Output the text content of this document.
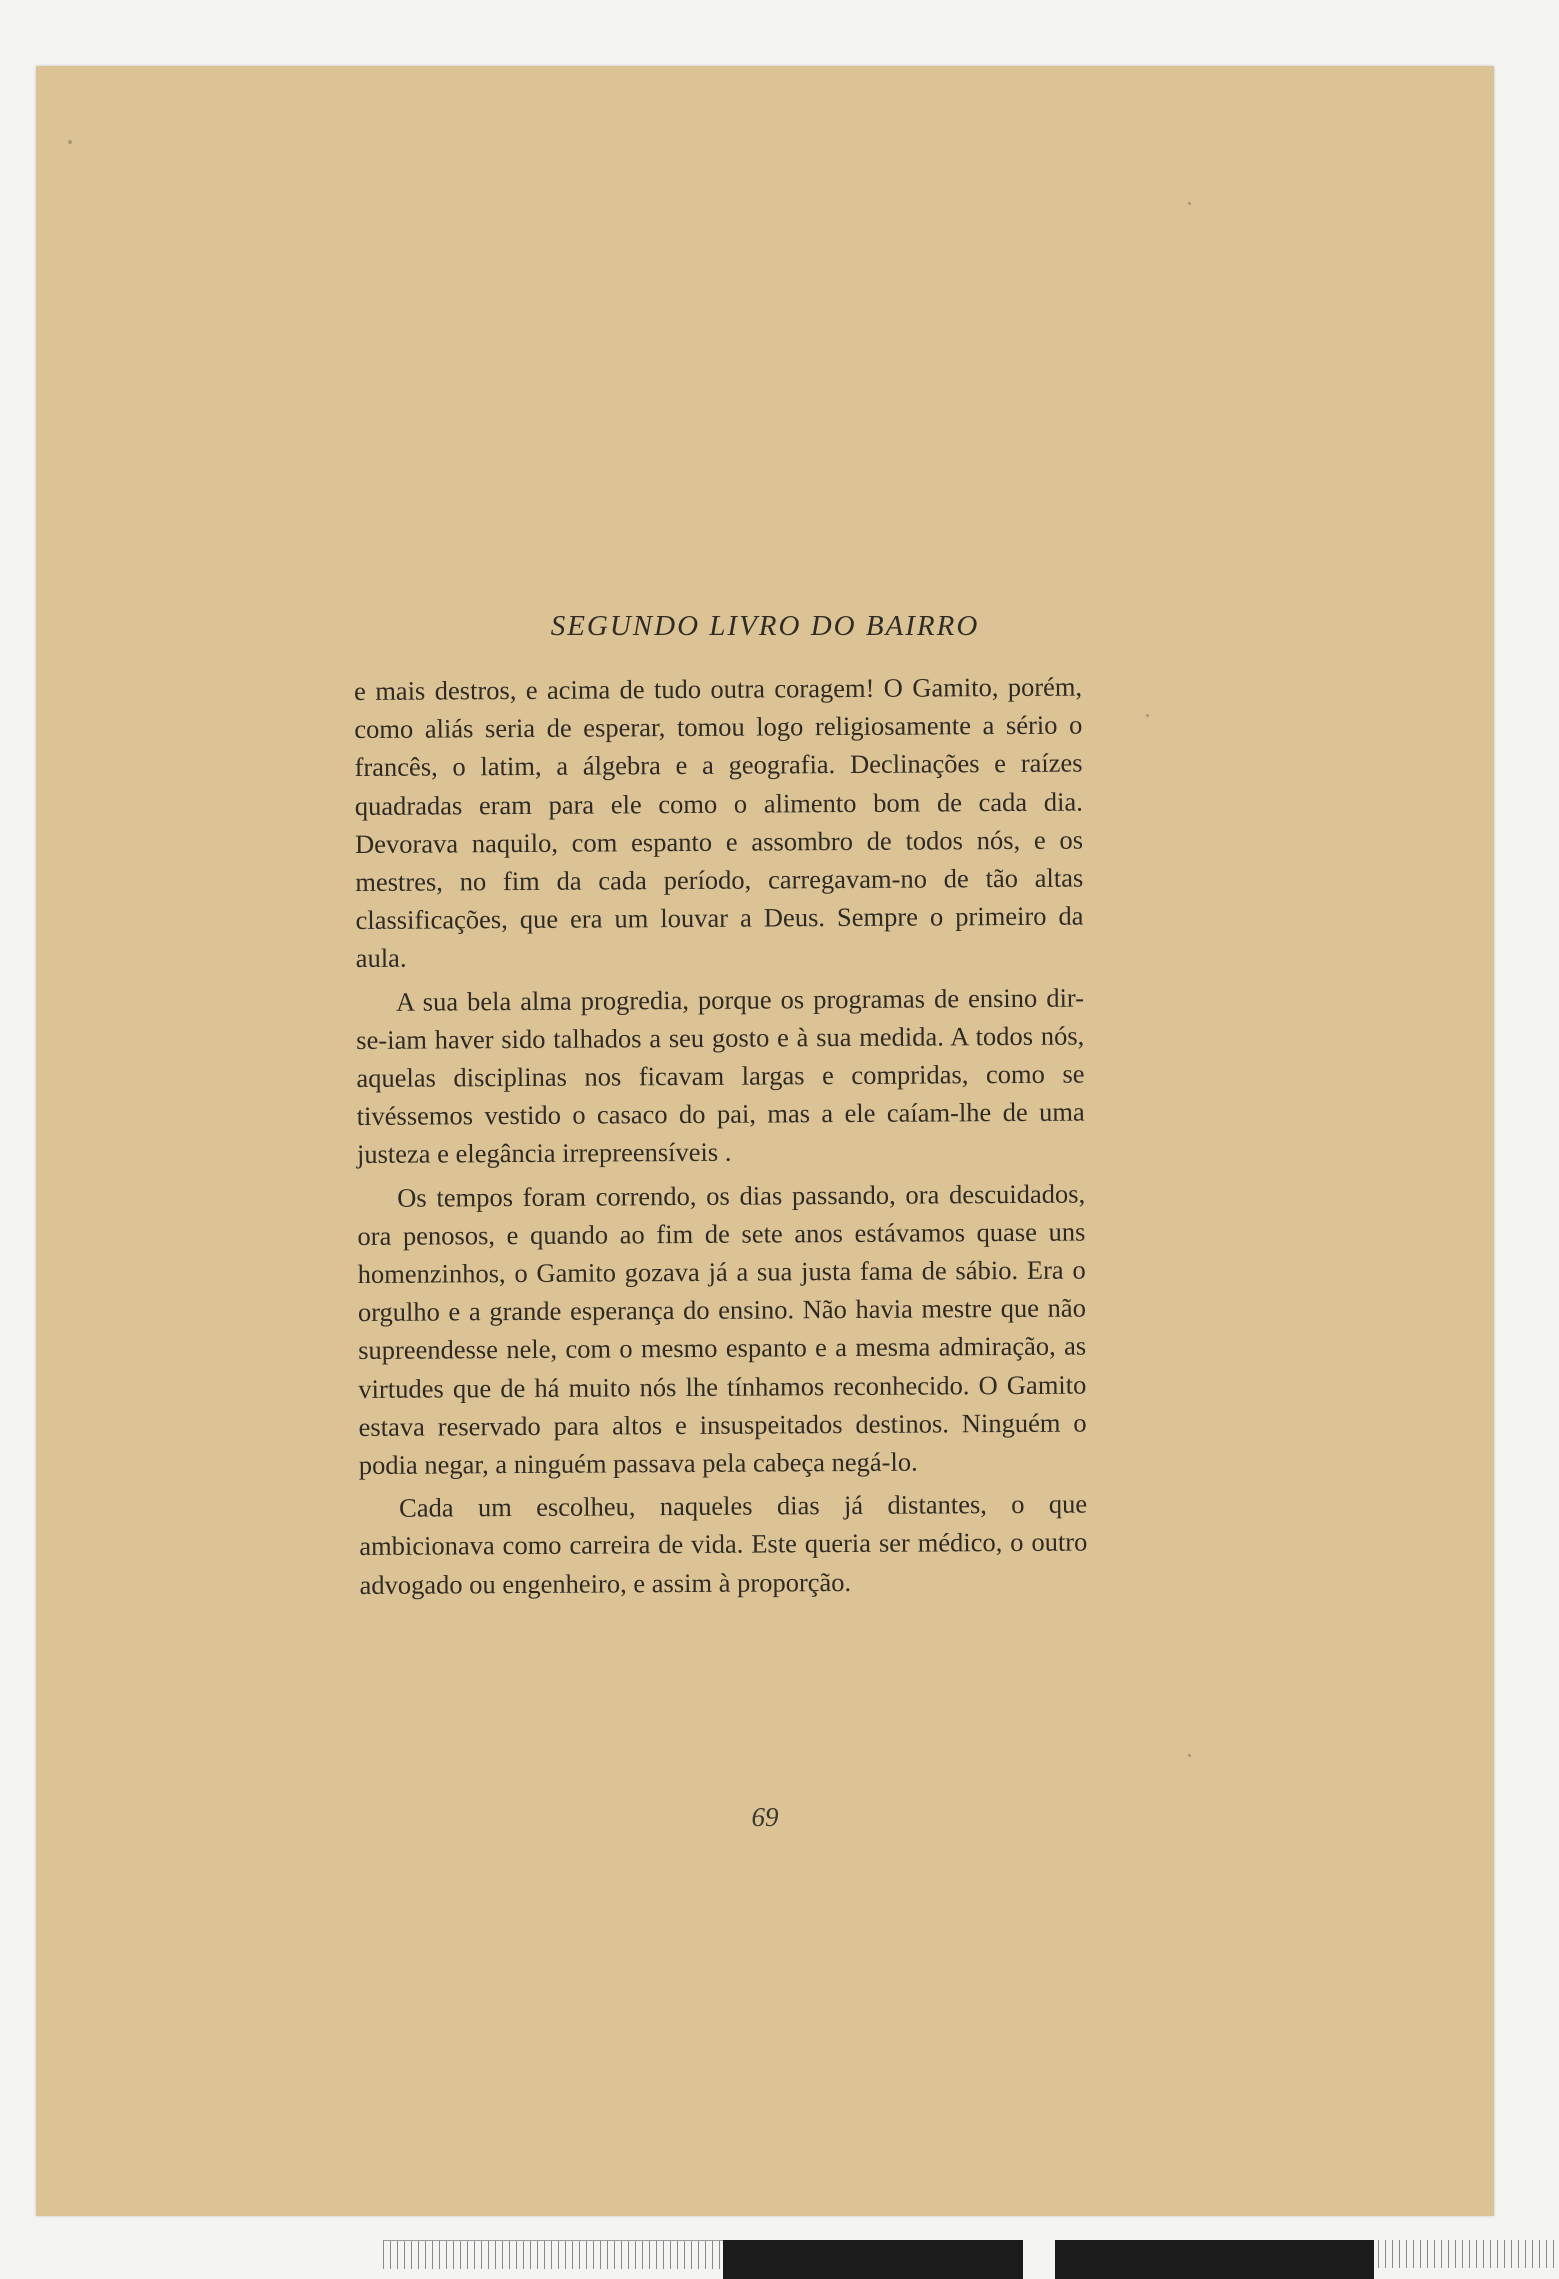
SEGUNDO LIVRO DO BAIRRO

e mais destros, e acima de tudo outra coragem! O Gamito, porém, como aliás seria de esperar, tomou logo religiosamente a sério o francês, o latim, a álgebra e a geografia. Declinações e raízes quadradas eram para ele como o alimento bom de cada dia. Devorava naquilo, com espanto e assombro de todos nós, e os mestres, no fim da cada período, carregavam-no de tão altas classificações, que era um louvar a Deus. Sempre o primeiro da aula.

A sua bela alma progredia, porque os programas de ensino dir-se-iam haver sido talhados a seu gosto e à sua medida. A todos nós, aquelas disciplinas nos ficavam largas e compridas, como se tivéssemos vestido o casaco do pai, mas a ele caíam-lhe de uma justeza e elegância irrepreensíveis .

Os tempos foram correndo, os dias passando, ora descuidados, ora penosos, e quando ao fim de sete anos estávamos quase uns homenzinhos, o Gamito gozava já a sua justa fama de sábio. Era o orgulho e a grande esperança do ensino. Não havia mestre que não supreendesse nele, com o mesmo espanto e a mesma admiração, as virtudes que de há muito nós lhe tínhamos reconhecido. O Gamito estava reservado para altos e insuspeitados destinos. Ninguém o podia negar, a ninguém passava pela cabeça negá-lo.

Cada um escolheu, naqueles dias já distantes, o que ambicionava como carreira de vida. Este queria ser médico, o outro advogado ou engenheiro, e assim à proporção.

69
